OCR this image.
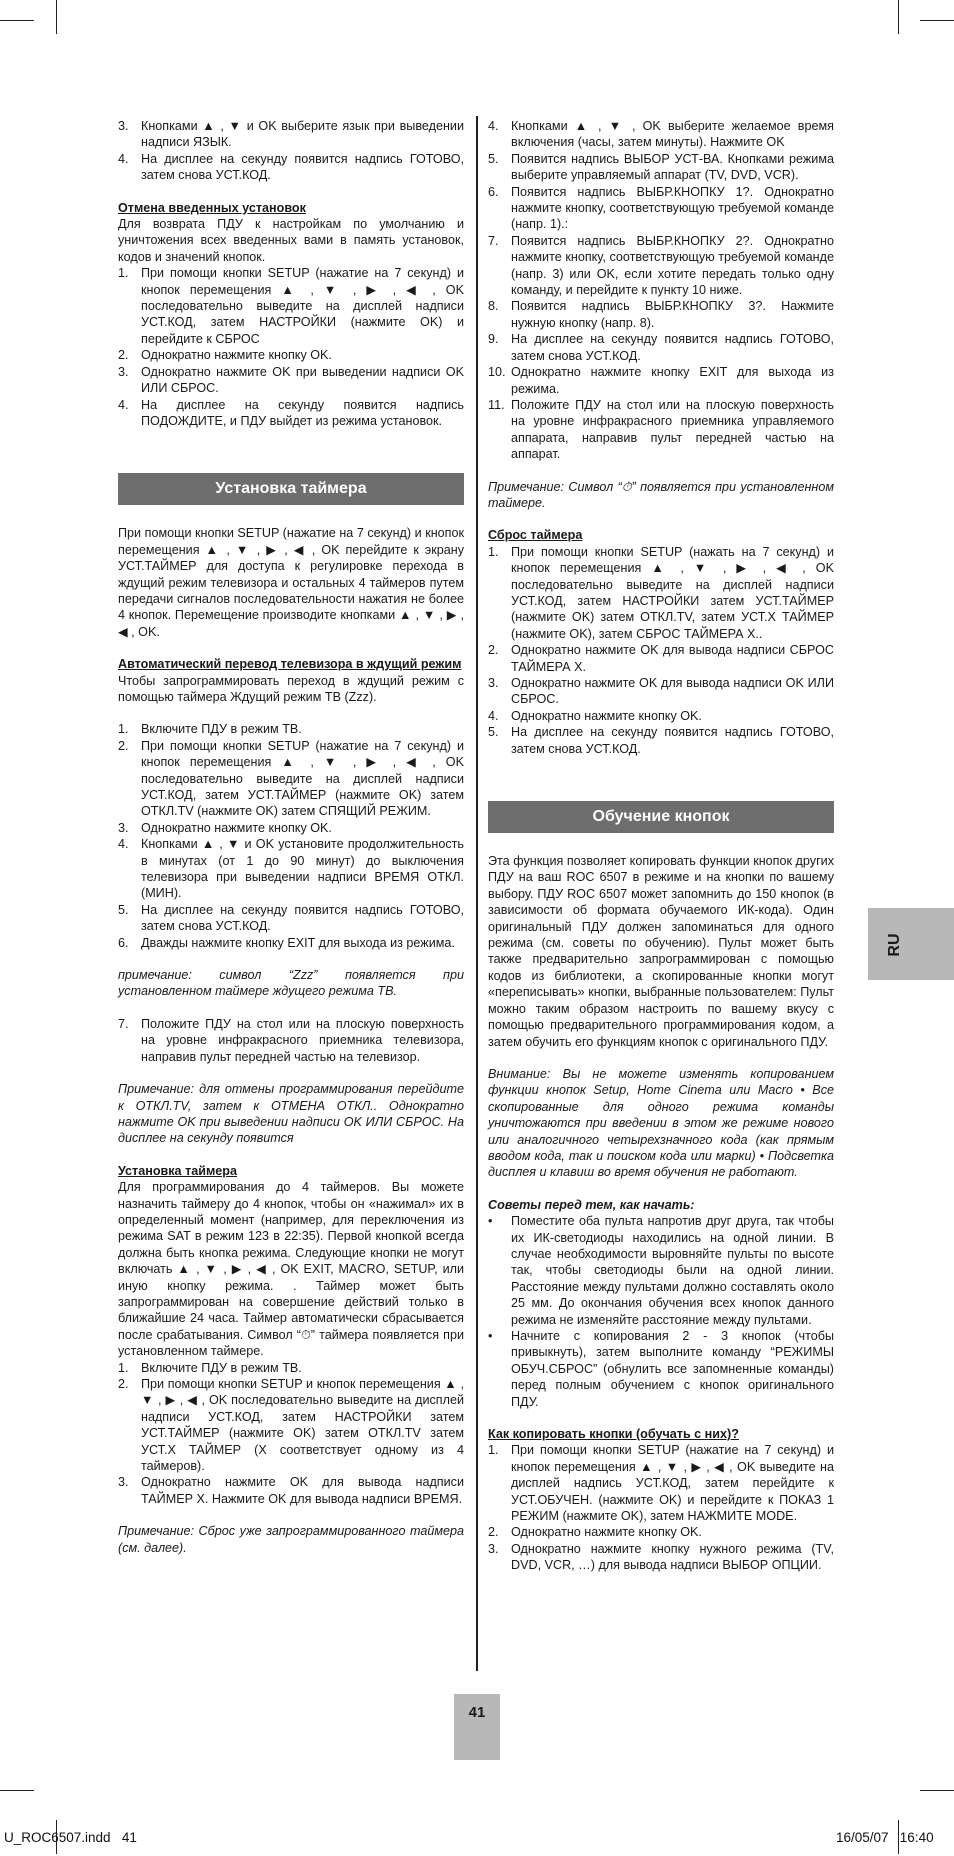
3. Кнопками ▲ , ▼ и OK выберите язык при выведении надписи ЯЗЫК.
4. На дисплее на секунду появится надпись ГОТОВО, затем снова УСТ.КОД.

Отмена введенных установок

Для возврата ПДУ к настройкам по умолчанию и уничтожения всех введенных вами в память установок, кодов и значений кнопок.

1. При помощи кнопки SETUP (нажатие на 7 секунд) и кнопок перемещения ▲ , ▼ , ▶ , ◀ , OK последовательно выведите на дисплей надписи УСТ.КОД, затем НАСТРОЙКИ (нажмите OK) и перейдите к СБРОС
2. Однократно нажмите кнопку OK.
3. Однократно нажмите OK при выведении надписи OK ИЛИ СБРОС.
4. На дисплее на секунду появится надпись ПОДОЖДИТЕ, и ПДУ выйдет из режима установок.
Установка таймера

При помощи кнопки SETUP (нажатие на 7 секунд) и кнопок перемещения ▲ , ▼ , ▶ , ◀ , OK перейдите к экрану УСТ.ТАЙМЕР для доступа к регулировке перехода в ждущий режим телевизора и остальных 4 таймеров путем передачи сигналов последовательности нажатия не более 4 кнопок. Перемещение производите кнопками ▲ , ▼ , ▶ , ◀ , OK.

Автоматический перевод телевизора в ждущий режим

Чтобы запрограммировать переход в ждущий режим с помощью таймера Ждущий режим ТВ (Zzz).

1. Включите ПДУ в режим ТВ.
2. При помощи кнопки SETUP (нажатие на 7 секунд) и кнопок перемещения ▲ , ▼ , ▶ , ◀ , OK последовательно выведите на дисплей надписи УСТ.КОД, затем УСТ.ТАЙМЕР (нажмите OK) затем ОТКЛ.TV (нажмите OK) затем СПЯЩИЙ РЕЖИМ.
3. Однократно нажмите кнопку OK.
4. Кнопками ▲ , ▼ и OK установите продолжительность в минутах (от 1 до 90 минут) до выключения телевизора при выведении надписи ВРЕМЯ ОТКЛ.(МИН).
5. На дисплее на секунду появится надпись ГОТОВО, затем снова УСТ.КОД.
6. Дважды нажмите кнопку EXIT для выхода из режима.

примечание: символ “Zzz” появляется при установленном таймере ждущего режима ТВ.

7. Положите ПДУ на стол или на плоскую поверхность на уровне инфракрасного приемника телевизора, направив пульт передней частью на телевизор.

Примечание: для отмены программирования перейдите к ОТКЛ.TV, затем к ОТМЕНА ОТКЛ.. Однократно нажмите OK при выведении надписи OK ИЛИ СБРОС. На дисплее на секунду появится

Установка таймера

Для программирования до 4 таймеров. Вы можете назначить таймеру до 4 кнопок, чтобы он «нажимал» их в определенный момент (например, для переключения из режима SAT в режим 123 в 22:35). Первой кнопкой всегда должна быть кнопка режима. Следующие кнопки не могут включать ▲ , ▼ , ▶ , ◀ , OK EXIT, MACRO, SETUP, или иную кнопку режима. . Таймер может быть запрограммирован на совершение действий только в ближайшие 24 часа. Таймер автоматически сбрасывается после срабатывания. Символ “⏱” таймера появляется при установленном таймере.

1. Включите ПДУ в режим ТВ.
2. При помощи кнопки SETUP и кнопок перемещения ▲ , ▼ , ▶ , ◀ , OK последовательно выведите на дисплей надписи УСТ.КОД, затем НАСТРОЙКИ затем УСТ.ТАЙМЕР (нажмите OK) затем ОТКЛ.TV затем УСТ.X ТАЙМЕР (X соответствует одному из 4 таймеров).
3. Однократно нажмите OK для вывода надписи ТАЙМЕР X. Нажмите OK для вывода надписи ВРЕМЯ.

Примечание: Сброс уже запрограммированного таймера (см. далее).

4. Кнопками ▲ , ▼ , OK выберите желаемое время включения (часы, затем минуты). Нажмите OK
5. Появится надпись ВЫБОР УСТ-ВА. Кнопками режима выберите управляемый аппарат (TV, DVD, VCR).
6. Появится надпись ВЫБР.КНОПКУ 1?. Однократно нажмите кнопку, соответствующую требуемой команде (напр. 1).:
7. Появится надпись ВЫБР.КНОПКУ 2?. Однократно нажмите кнопку, соответствующую требуемой команде (напр. 3) или OK, если хотите передать только одну команду, и перейдите к пункту 10 ниже.
8. Появится надпись ВЫБР.КНОПКУ 3?. Нажмите нужную кнопку (напр. 8).
9. На дисплее на секунду появится надпись ГОТОВО, затем снова УСТ.КОД.
10. Однократно нажмите кнопку EXIT для выхода из режима.
11. Положите ПДУ на стол или на плоскую поверхность на уровне инфракрасного приемника управляемого аппарата, направив пульт передней частью на аппарат.

Примечание: Символ “⏱” появляется при установленном таймере.

Сброс таймера

1. При помощи кнопки SETUP (нажать на 7 секунд) и кнопок перемещения ▲ , ▼ , ▶ , ◀ , OK последовательно выведите на дисплей надписи УСТ.КОД, затем НАСТРОЙКИ затем УСТ.ТАЙМЕР (нажмите OK) затем ОТКЛ.TV, затем УСТ.X ТАЙМЕР (нажмите OK), затем СБРОС ТАЙМЕРА X..
2. Однократно нажмите OK для вывода надписи СБРОС ТАЙМЕРА X.
3. Однократно нажмите OK для вывода надписи OK ИЛИ СБРОС.
4. Однократно нажмите кнопку OK.
5. На дисплее на секунду появится надпись ГОТОВО, затем снова УСТ.КОД.
Обучение кнопок

Эта функция позволяет копировать функции кнопок других ПДУ на ваш ROC 6507 в режиме и на кнопки по вашему выбору. ПДУ ROC 6507 может запомнить до 150 кнопок (в зависимости об формата обучаемого ИК-кода). Один оригинальный ПДУ должен запоминаться для одного режима (см. советы по обучению). Пульт может быть также предварительно запрограммирован с помощью кодов из библиотеки, а скопированные кнопки могут «переписывать» кнопки, выбранные пользователем: Пульт можно таким образом настроить по вашему вкусу с помощью предварительного программирования кодом, а затем обучить его функциям кнопок с оригинального ПДУ.

Внимание: Вы не можете изменять копированием функции кнопок Setup, Home Cinema или Macro • Все скопированные для одного режима команды уничтожаются при введении в этом же режиме нового или аналогичного четырехзначного кода (как прямым вводом кода, так и поиском кода или марки) • Подсветка дисплея и клавиш во время обучения не работают.

Советы перед тем, как начать:

• Поместите оба пульта напротив друг друга, так чтобы их ИК-светодиоды находились на одной линии. В случае необходимости выровняйте пульты по высоте так, чтобы светодиоды были на одной линии. Расстояние между пультами должно составлять около 25 мм. До окончания обучения всех кнопок данного режима не изменяйте расстояние между пультами.
• Начните с копирования 2 - 3 кнопок (чтобы привыкнуть), затем выполните команду “РЕЖИМЫ ОБУЧ.СБРОС” (обнулить все запомненные команды) перед полным обучением с кнопок оригинального ПДУ.

Как копировать кнопки (обучать с них)?

1. При помощи кнопки SETUP (нажатие на 7 секунд) и кнопок перемещения ▲ , ▼ , ▶ , ◀ , OK выведите на дисплей надпись УСТ.КОД, затем перейдите к УСТ.ОБУЧЕН. (нажмите OK) и перейдите к ПОКАЗ 1 РЕЖИМ (нажмите OK), затем НАЖМИТЕ MODE.
2. Однократно нажмите кнопку OK.
3. Однократно нажмите кнопку нужного режима (TV, DVD, VCR, …) для вывода надписи ВЫБОР ОПЦИИ.
RU
41
U_ROC6507.indd   41	16/05/07   16:40
